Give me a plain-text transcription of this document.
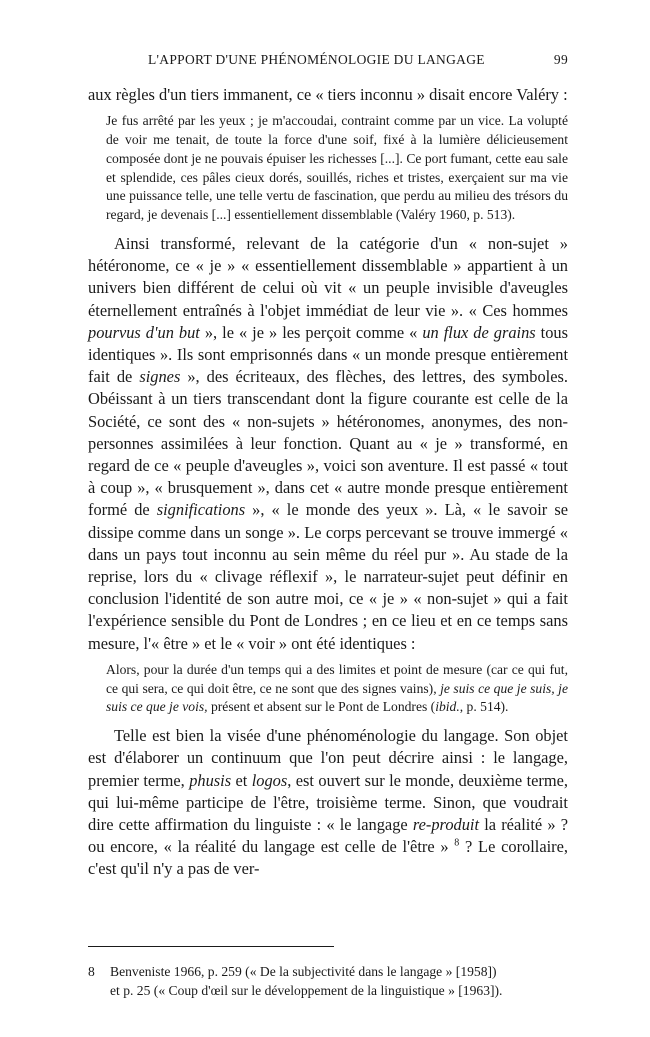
L'APPORT D'UNE PHÉNOMÉNOLOGIE DU LANGAGE	99

aux règles d'un tiers immanent, ce « tiers inconnu » disait encore Valéry :

Je fus arrêté par les yeux ; je m'accoudai, contraint comme par un vice. La volupté de voir me tenait, de toute la force d'une soif, fixé à la lumière délicieusement composée dont je ne pouvais épuiser les richesses [...]. Ce port fumant, cette eau sale et splendide, ces pâles cieux dorés, souillés, riches et tristes, exerçaient sur ma vie une puissance telle, une telle vertu de fascination, que perdu au milieu des trésors du regard, je devenais [...] essentiellement dissemblable (Valéry 1960, p. 513).

Ainsi transformé, relevant de la catégorie d'un « non-sujet » hétéronome, ce « je » « essentiellement dissemblable » appartient à un univers bien différent de celui où vit « un peuple invisible d'aveugles éternellement entraînés à l'objet immédiat de leur vie ». « Ces hommes pourvus d'un but », le « je » les perçoit comme « un flux de grains tous identiques ». Ils sont emprisonnés dans « un monde presque entièrement fait de signes », des écriteaux, des flèches, des lettres, des symboles. Obéissant à un tiers transcendant dont la figure courante est celle de la Société, ce sont des « non-sujets » hétéronomes, anonymes, des non-personnes assimilées à leur fonction. Quant au « je » transformé, en regard de ce « peuple d'aveugles », voici son aventure. Il est passé « tout à coup », « brusquement », dans cet « autre monde presque entièrement formé de significations », « le monde des yeux ». Là, « le savoir se dissipe comme dans un songe ». Le corps percevant se trouve immergé « dans un pays tout inconnu au sein même du réel pur ». Au stade de la reprise, lors du « clivage réflexif », le narrateur-sujet peut définir en conclusion l'identité de son autre moi, ce « je » « non-sujet » qui a fait l'expérience sensible du Pont de Londres ; en ce lieu et en ce temps sans mesure, l'« être » et le « voir » ont été identiques :

Alors, pour la durée d'un temps qui a des limites et point de mesure (car ce qui fut, ce qui sera, ce qui doit être, ce ne sont que des signes vains), je suis ce que je suis, je suis ce que je vois, présent et absent sur le Pont de Londres (ibid., p. 514).

Telle est bien la visée d'une phénoménologie du langage. Son objet est d'élaborer un continuum que l'on peut décrire ainsi : le langage, premier terme, phusis et logos, est ouvert sur le monde, deuxième terme, qui lui-même participe de l'être, troisième terme. Sinon, que voudrait dire cette affirmation du linguiste : « le langage re-produit la réalité » ? ou encore, « la réalité du langage est celle de l'être » $^8$ ? Le corollaire, c'est qu'il n'y a pas de ver-

8 Benveniste 1966, p. 259 (« De la subjectivité dans le langage » [1958])
et p. 25 (« Coup d'œil sur le développement de la linguistique » [1963]).
